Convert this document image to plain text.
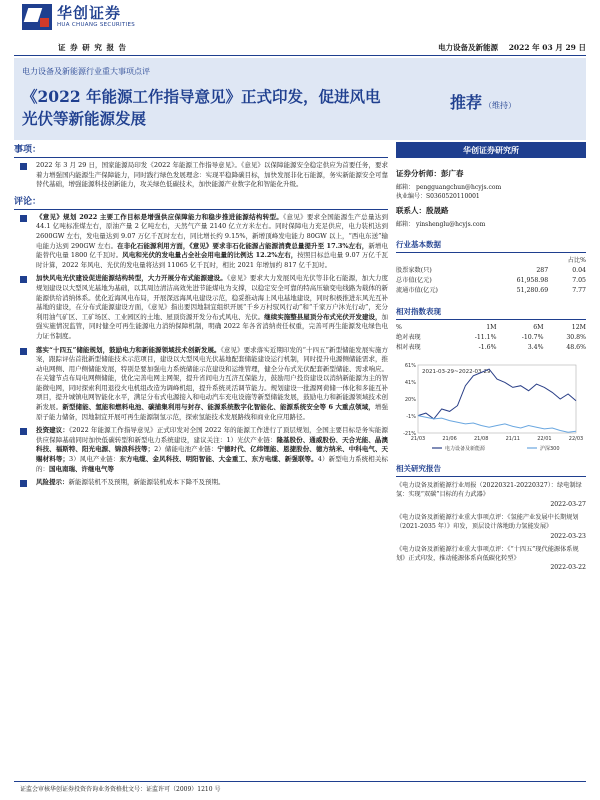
华创证券
HUA CHUANG SECURITIES
证 券 研 究 报 告	电力设备及新能源 2022 年 03 月 29 日
电力设备及新能源行业重大事项点评
《2022 年能源工作指导意见》正式印发，促进风电光伏等新能源发展
推荐 （维持）
事项：
2022 年 3 月 29 日，国家能源局印发《2022 年能源工作指导意见》。《意见》以保障能源安全稳定供应为首要任务，要求着力增强国内能源生产保障能力，同时践行绿色发展理念：实现平稳降碳目标，加快发展非化石能源，务实新能源安全可靠替代基础，增强能源科技创新能力，攻关绿色低碳技术，加快能源产业数字化和智能化升级。
评论：
《意见》规划 2022 主要工作目标是增强供应保障能力和稳步推进能源结构转型。《意见》要求全国能源生产总量达到 44.1 亿吨标准煤左右，原油产量 2 亿吨左右，天然气产量 2140 亿立方米左右。同时保障电力充足供应，电力装机达到 2600GW 左右，发电量达到 9.07 万亿千瓦时左右，同比增长约 9.15%，新增顶峰发电能力 80GW 以上，“西电东送”输电能力达到 290GW 左右。在非化石能源利用方面，《意见》要求非石化能源占能源消费总量提升至 17.3%左右，新增电能替代电量 1800 亿千瓦时。风电和光伏的发电量占全社会用电量的比例达 12.2%左右，按照目标总电量 9.07 万亿千瓦时计算，2022 年风电、光伏的发电量将达到 11065 亿千瓦时，相比 2021 年增加约 817 亿千瓦时。
加快风电光伏建设促进能源结构转型，大力开展分布式能源建设。《意见》要求大力发展风电光伏等非化石能源，加大力度规划建设以大型风光基地为基础，以其周边清洁高效先进节能煤电为支撑，以稳定安全可靠的特高压输变电线路为载体的新能源供给消纳体系。优化近海风电布局，开展深远海风电建设示范，稳妥推动海上风电基地建设，同时积极推进东风光互补基地的建设，在分布式能源建设方面，《意见》指出要因地制宜组织开展“千乡万村驭风行动”和“千家万户沐光行动”，充分利用油气矿区、工矿场区、工业园区的土地、屋顶资源开发分布式风电、光伏。继续实施整县屋顶分布式光伏开发建设，加强实施情况监管，同时健全可再生能源电力消纳保障机制，明确 2022 年各省消纳责任权重，完善可再生能源发电绿色电力证书制度。
落实“十四五”储能规划，鼓励电力和新能源领域技术创新发展。《意见》要求落实近期印发的“十四五”新型储能发展实施方案，跟踪评估首批新型储能技术示范项目，建设以大型风电光伏基地配套储能建设运行机制，同时提升电源侧储能需求，推动电网侧、用户侧储能发展，特别是要加强电力系统储能示范建设和运维管理，健全分布式光伏配套新型储能、需求响应。在关键节点布局电网侧储能，优化完善电网主网架，提升省间电力互济互保能力，鼓励用户投资建设以消纳新能源为主的智能微电网，同时探索利用退役火电机组改造为调峰机组，提升系统灵活调节能力。规划建设一批源网荷储一体化和多能互补项目，提升城镇电网智能化水平，满足分布式电源接入和电动汽车充电设施等新型储能发展，鼓励电力和新能源领域技术创新发展。新型储能、氢能和燃料电池、碳捕集利用与封存、能源系统数字化智能化、能源系统安全等 6 大重点领域，增强原子能力储备，因地制宜开展可再生能源制氢示范，探索氢能技术发展路线和商业化应用路径。
投资建议：《2022 年能源工作指导意见》正式印发对全国 2022 年的能源工作进行了顶层规划，全国主要目标是务实能源供应保障基础同时加快低碳转型和新型电力系统建设，建议关注：1）光伏产业链：隆基股份、通威股份、天合光能、晶澳科技、福斯特、阳光电源、锦浪科技等；2）储能电池产业链：宁德时代、亿纬锂能、恩捷股份、德方纳米、中科电气、天赐材料等；3）风电产业链：东方电缆、金风科技、明阳智能、大金重工、东方电缆、新强联等。4）新型电力系统相关标的：国电南瑞、许继电气等
风险提示：新能源装机不及预期，新能源装机成本下降不及预期。
华创证券研究所
证券分析师：彭广春
邮箱： pengguangchun@hcyjs.com
执业编号：S0360520110001
联系人：殷晟路
邮箱： yinshenglu@hcyjs.com
行业基本数据
		占比%
股票家数(只)	287	0.04
总市值(亿元)	61,958.98	7.05
流通市值(亿元)	51,280.69	7.77
相对指数表现
%	1M	6M	12M
绝对表现	-11.1%	-10.7%	30.8%
相对表现	-1.6%	3.4%	48.6%
2021-03-29~2022-03-29
61%
41%
20%
-1%
-21%
21/03	21/06	21/08	21/11	22/01	22/03
电力设备及新能源	沪深300
相关研究报告
《电力设备及新能源行业周报（20220321-20220327）：绿电制绿氢：实现“双碳”目标的有力武器》
2022-03-27
《电力设备及新能源行业重大事项点评：《氢能产业发展中长期规划（2021-2035 年）》印发，顶层设计落地助力氢能发展》
2022-03-23
《电力设备及新能源行业重大事项点评：《“十四五”现代能源体系规划》正式印发，推动能源体系向低碳化转型》
2022-03-22
证监会审核华创证券投资咨询业务资格批文号：证监许可（2009）1210 号
